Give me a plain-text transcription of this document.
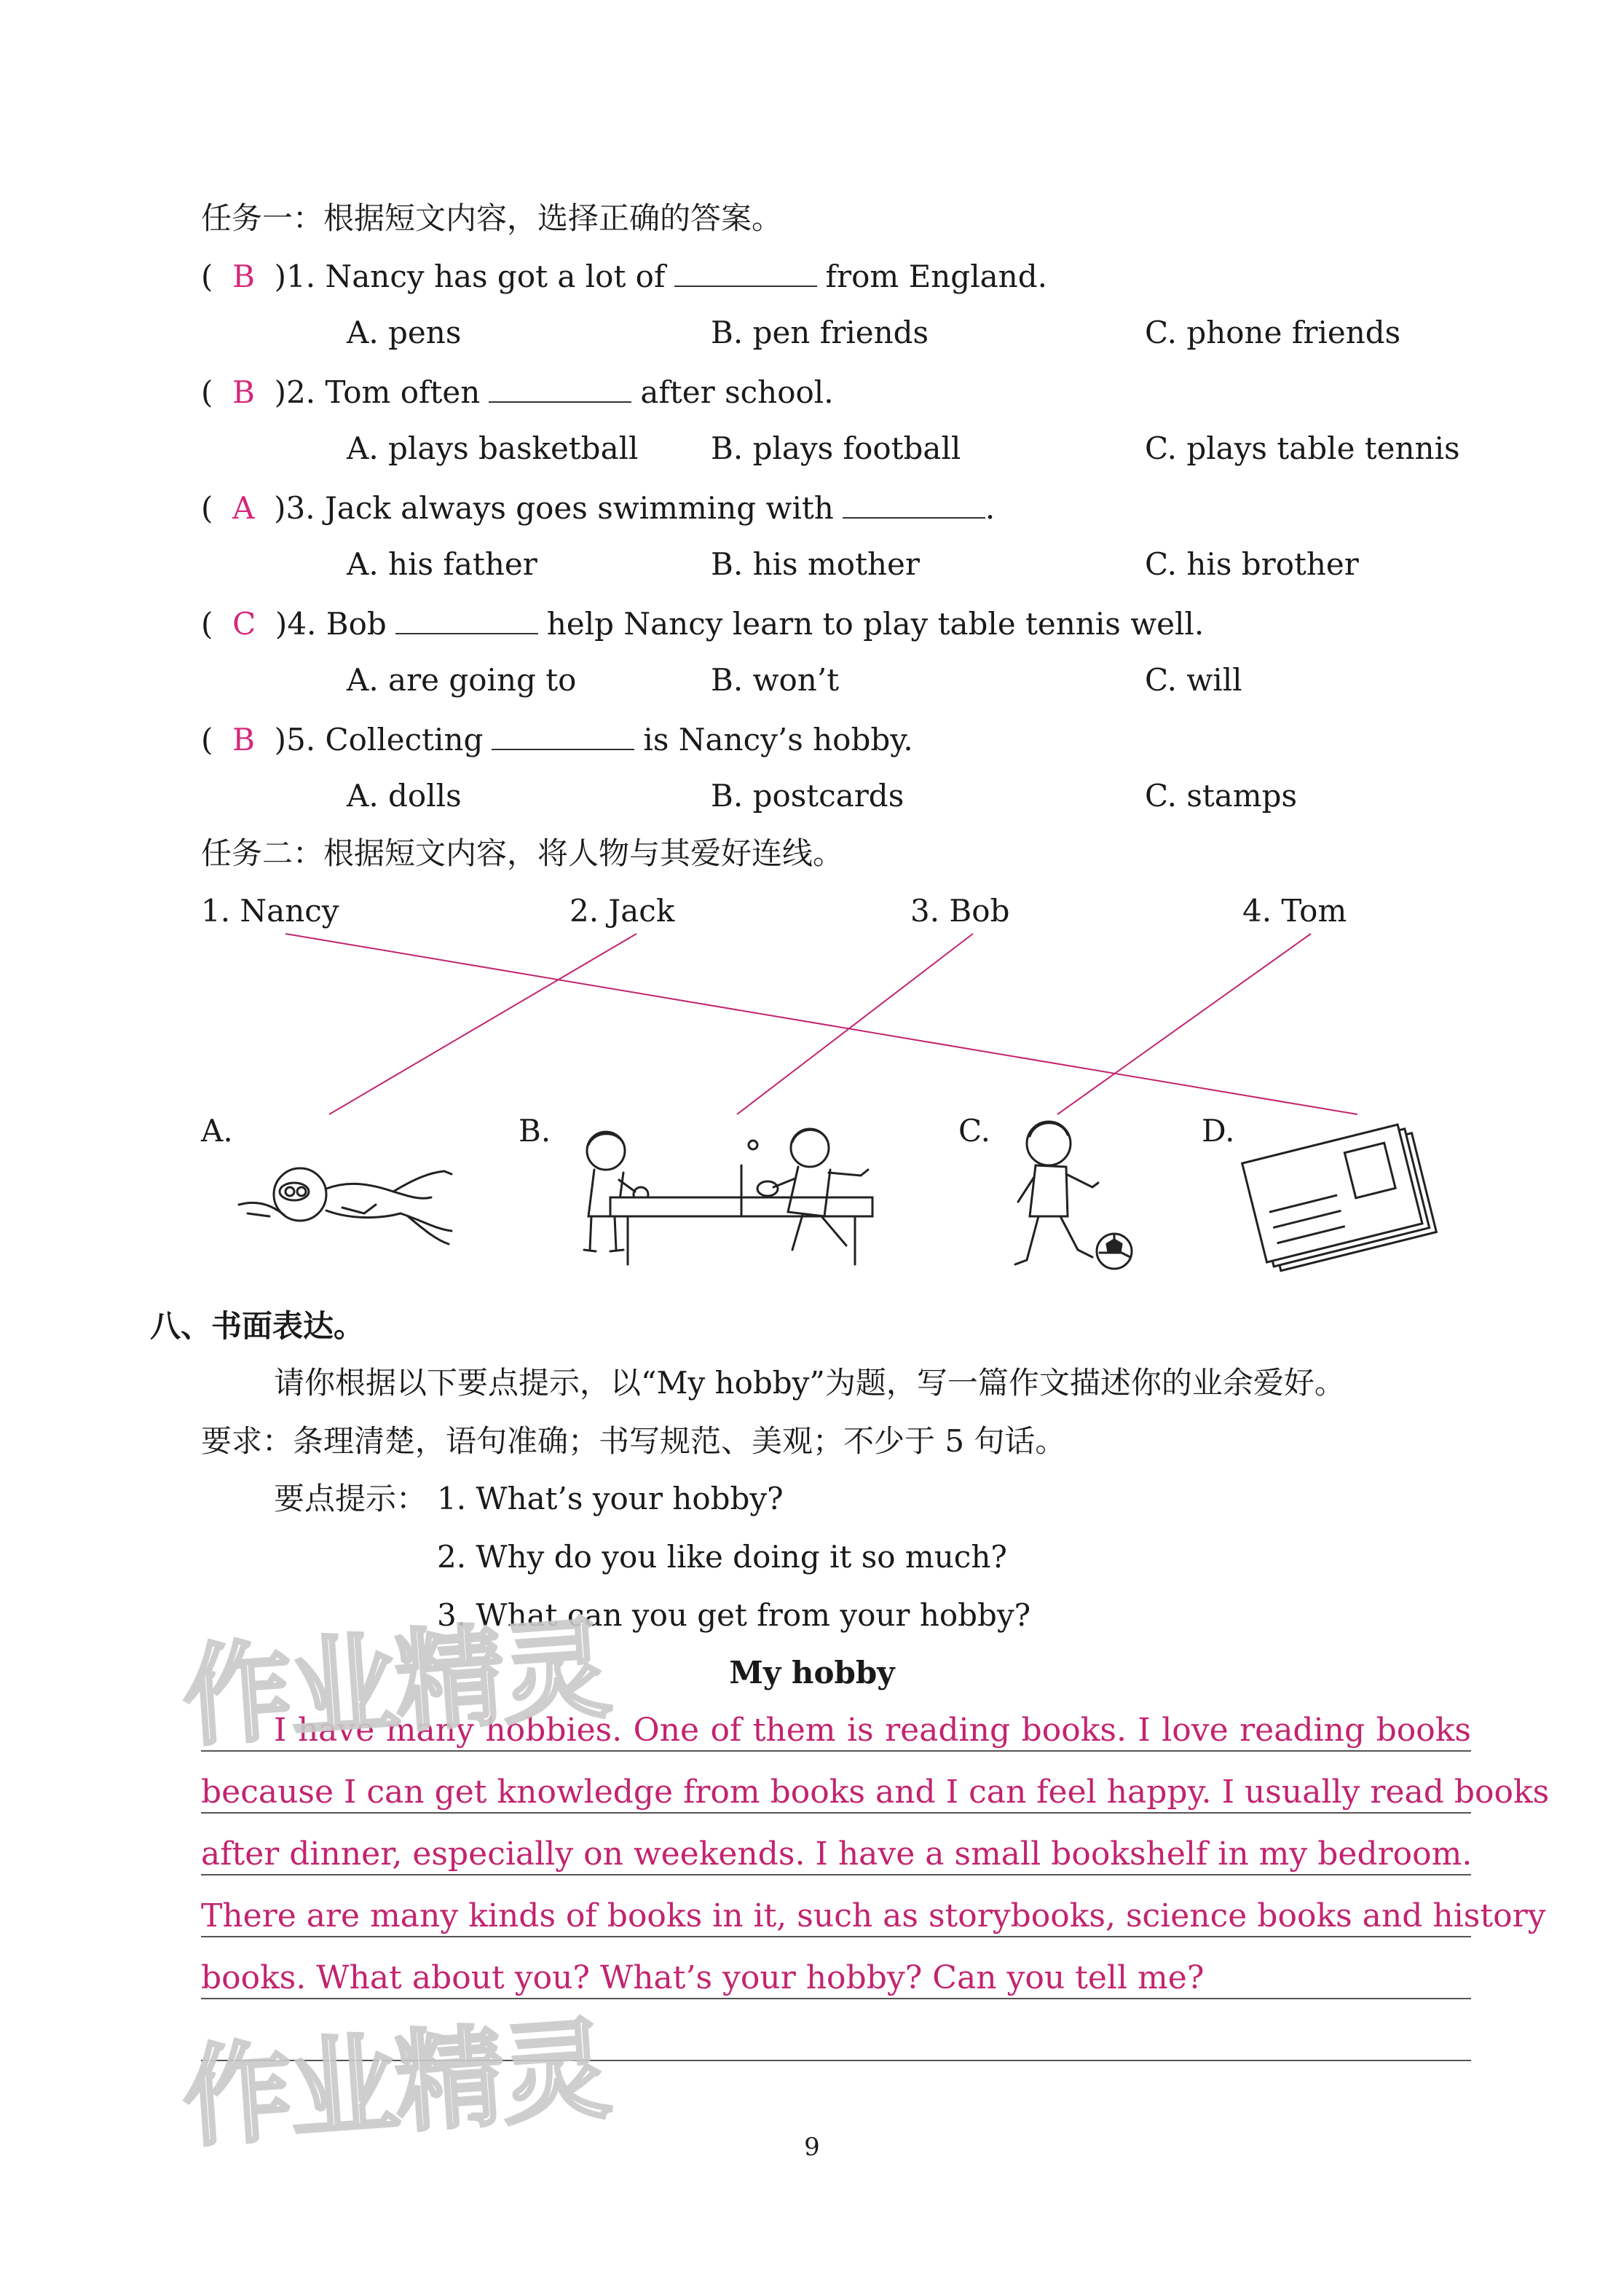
任务一：根据短文内容，选择正确的答案。
(  B  )1. Nancy has got a lot of	from England.
A. pens	B. pen friends	C. phone friends
(  B  )2. Tom often	after school.
A. plays basketball B. plays football	C. plays table tennis
(  A  )3. Jack always goes swimming with	.
A. his father	B. his mother	C. his brother
(  C  )4. Bob	help Nancy learn to play table tennis well.
A. are going to	B. won’t	C. will
(  B  )5. Collecting	is Nancy’s hobby.
A. dolls	B. postcards	C. stamps
任务二：根据短文内容，将人物与其爱好连线。
1. Nancy	2. Jack	3. Bob	4. Tom
A.	B.	C.	D.
八、书面表达。
请你根据以下要点提示，以“My hobby”为题，写一篇作文描述你的业余爱好。
要求：条理清楚，语句准确；书写规范、美观；不少于 5 句话。
要点提示： 1. What’s your hobby?
2. Why do you like doing it so much?
3. What can you get from your hobby?
My hobby
I have many hobbies. One of them is reading books. I love reading books
because I can get knowledge from books and I can feel happy. I usually read books
after dinner, especially on weekends. I have a small bookshelf in my bedroom.
There are many kinds of books in it, such as storybooks, science books and history
books. What about you? What’s your hobby? Can you tell me?
作业精灵
作业精灵	9
